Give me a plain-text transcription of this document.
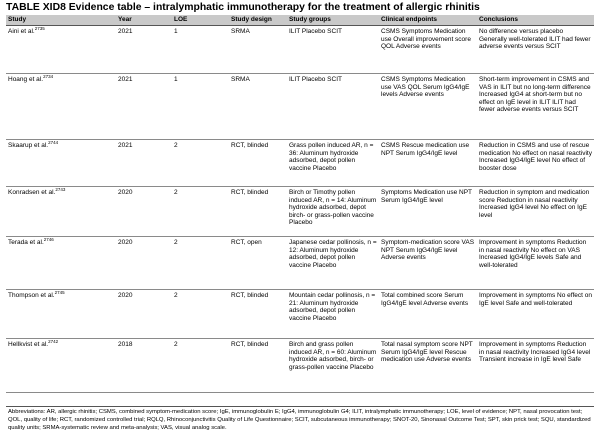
TABLE XID8 Evidence table – intralymphatic immunotherapy for the treatment of allergic rhinitis
Study	Year	LOE	Study design	Study groups	Clinical endpoints	Conclusions
Aini et al.$^{2735}$	2021	1	SRMA	ILIT Placebo SCIT	CSMS Symptoms Medication use Overall improvement score QOL Adverse events	No difference versus placebo Generally well-tolerated ILIT had fewer adverse events versus SCIT
Hoang et al.$^{2734}$	2021	1	SRMA	ILIT Placebo SCIT	CSMS Symptoms Medication use VAS QOL Serum IgG4/IgE levels Adverse events	Short-term improvement in CSMS and VAS in ILIT but no long-term difference Increased IgG4 at short-term but no effect on IgE level in ILIT ILIT had fewer adverse events versus SCIT
Skaarup et al.$^{2744}$	2021	2	RCT, blinded	Grass pollen induced AR, n = 36: Aluminum hydroxide adsorbed, depot pollen vaccine Placebo	CSMS Rescue medication use NPT Serum IgG4/IgE level	Reduction in CSMS and use of rescue medication No effect on nasal reactivity Increased IgG4/IgE level No effect of booster dose
Konradsen et al.$^{2743}$	2020	2	RCT, blinded	Birch or Timothy pollen induced AR, n = 14: Aluminum hydroxide adsorbed, depot birch- or grass-pollen vaccine Placebo	Symptoms Medication use NPT Serum IgG4/IgE level	Reduction in symptom and medication score Reduction in nasal reactivity Increased IgG4 level No effect on IgE level
Terada et al.$^{2746}$	2020	2	RCT, open	Japanese cedar pollinosis, n = 12: Aluminum hydroxide adsorbed, depot pollen vaccine Placebo	Symptom-medication score VAS NPT Serum IgG4/IgE level Adverse events	Improvement in symptoms Reduction in nasal reactivity No effect on VAS Increased IgG4/IgE levels Safe and well-tolerated
Thompson et al.$^{2745}$	2020	2	RCT, blinded	Mountain cedar pollinosis, n = 21: Aluminum hydroxide adsorbed, depot pollen vaccine Placebo	Total combined score Serum IgG4/IgE level Adverse events	Improvement in symptoms No effect on IgE level Safe and well-tolerated
Hellkvist et al.$^{2742}$	2018	2	RCT, blinded	Birch and grass pollen induced AR, n = 60: Aluminum hydroxide adsorbed, birch- or grass-pollen vaccine Placebo	Total nasal symptom score NPT Serum IgG4/IgE level Rescue medication use Adverse events	Improvement in symptoms Reduction in nasal reactivity Increased IgG4 level Transient increase in IgE level Safe
Abbreviations: AR, allergic rhinitis; CSMS, combined symptom-medication score; IgE, immunoglobulin E; IgG4, immunoglobulin G4; ILIT, intralymphatic immunotherapy; LOE, level of evidence; NPT, nasal provocation test; QOL, quality of life; RCT, randomized controlled trial; RQLQ, Rhinoconjunctivitis Quality of Life Questionnaire; SCIT, subcutaneous immunotherapy; SNOT-20, Sinonasal Outcome Test; SPT, skin prick test; SQU, standardized quality units; SRMA-systematic review and meta-analysis; VAS, visual analog scale.
